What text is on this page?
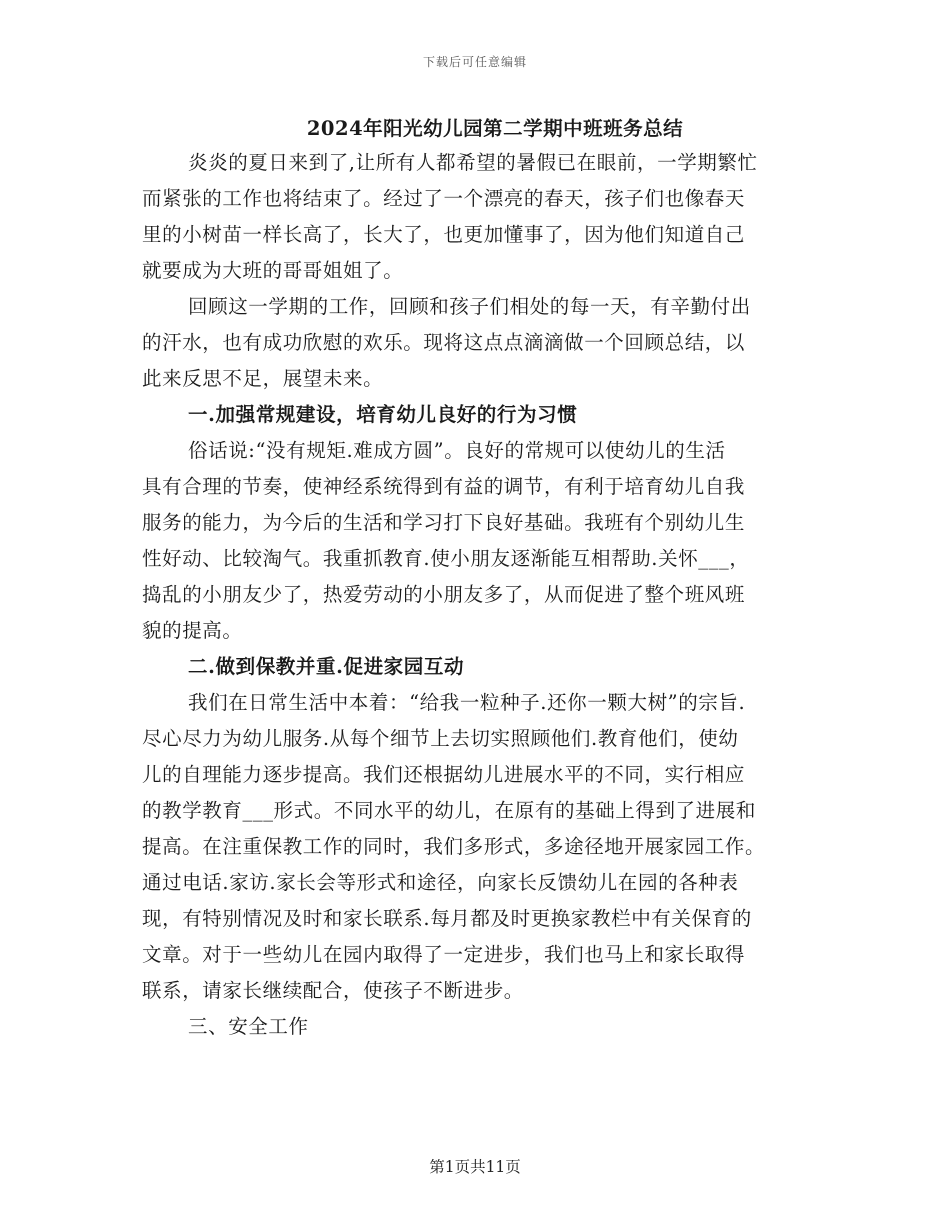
下载后可任意编辑
2024年阳光幼儿园第二学期中班班务总结
炎炎的夏日来到了,让所有人都希望的暑假已在眼前，一学期繁忙
而紧张的工作也将结束了。经过了一个漂亮的春天，孩子们也像春天
里的小树苗一样长高了，长大了，也更加懂事了，因为他们知道自己
就要成为大班的哥哥姐姐了。
回顾这一学期的工作，回顾和孩子们相处的每一天，有辛勤付出
的汗水，也有成功欣慰的欢乐。现将这点点滴滴做一个回顾总结，以
此来反思不足，展望未来。
一.加强常规建设，培育幼儿良好的行为习惯
俗话说:“没有规矩.难成方圆”。良好的常规可以使幼儿的生活
具有合理的节奏，使神经系统得到有益的调节，有利于培育幼儿自我
服务的能力，为今后的生活和学习打下良好基础。我班有个别幼儿生
性好动、比较淘气。我重抓教育.使小朋友逐渐能互相帮助.关怀___，
捣乱的小朋友少了，热爱劳动的小朋友多了，从而促进了整个班风班
貌的提高。
二.做到保教并重.促进家园互动
我们在日常生活中本着：“给我一粒种子.还你一颗大树”的宗旨.
尽心尽力为幼儿服务.从每个细节上去切实照顾他们.教育他们，使幼
儿的自理能力逐步提高。我们还根据幼儿进展水平的不同，实行相应
的教学教育___形式。不同水平的幼儿，在原有的基础上得到了进展和
提高。在注重保教工作的同时，我们多形式，多途径地开展家园工作。
通过电话.家访.家长会等形式和途径，向家长反馈幼儿在园的各种表
现，有特别情况及时和家长联系.每月都及时更换家教栏中有关保育的
文章。对于一些幼儿在园内取得了一定进步，我们也马上和家长取得
联系，请家长继续配合，使孩子不断进步。
三、安全工作
第1页共11页
